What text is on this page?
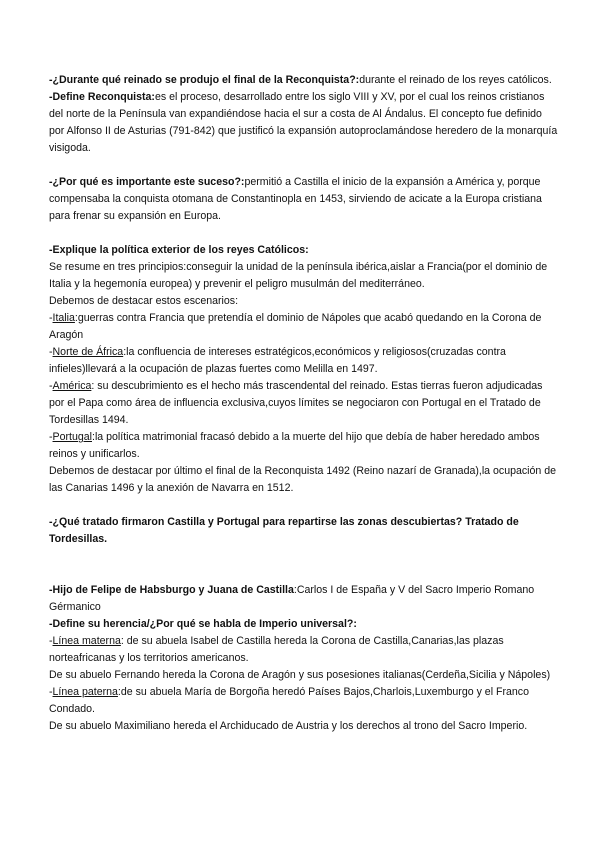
-¿Durante qué reinado se produjo el final de la Reconquista?:durante el reinado de los reyes católicos.

-Define Reconquista:es el proceso, desarrollado entre los siglo VIII y XV, por el cual los reinos cristianos del norte de la Península van expandiéndose hacia el sur a costa de Al Ándalus. El concepto fue definido por Alfonso II de Asturias (791-842) que justificó la expansión autoproclamándose heredero de la monarquía visigoda.

-¿Por qué es importante este suceso?:permitió a Castilla el inicio de la expansión a América y, porque compensaba la conquista otomana de Constantinopla en 1453, sirviendo de acicate a la Europa cristiana para frenar su expansión en Europa.

-Explique la política exterior de los reyes Católicos:

Se resume en tres principios:conseguir la unidad de la península ibérica,aislar a Francia(por el dominio de Italia y la hegemonía europea) y prevenir el peligro musulmán del mediterráneo.

Debemos de destacar estos escenarios:

-Italia:guerras contra Francia que pretendía el dominio de Nápoles que acabó quedando en la Corona de Aragón

-Norte de África:la confluencia de intereses estratégicos,económicos y religiosos(cruzadas contra infieles)llevará a la ocupación de plazas fuertes como Melilla en 1497.

-América: su descubrimiento es el hecho más trascendental del reinado. Estas tierras fueron adjudicadas por el Papa como área de influencia exclusiva,cuyos límites se negociaron con Portugal en el Tratado de Tordesillas 1494.

-Portugal:la política matrimonial fracasó debido a la muerte del hijo que debía de haber heredado ambos reinos y unificarlos.

Debemos de destacar por último el final de la Reconquista 1492 (Reino nazarí de Granada),la ocupación de las Canarias 1496 y la anexión de Navarra en 1512.

-¿Qué tratado firmaron Castilla y Portugal para repartirse las zonas descubiertas? Tratado de Tordesillas.

-Hijo de Felipe de Habsburgo y Juana de Castilla:Carlos I de España y V del Sacro Imperio Romano Gérmanico

-Define su herencia/¿Por qué se habla de Imperio universal?:

-Línea materna: de su abuela Isabel de Castilla hereda la Corona de Castilla,Canarias,las plazas norteafricanas y los territorios americanos.

De su abuelo Fernando hereda la Corona de Aragón y sus posesiones italianas(Cerdeña,Sicilia y Nápoles)

-Línea paterna:de su abuela María de Borgoña heredó Países Bajos,Charlois,Luxemburgo y el Franco Condado.

De su abuelo Maximiliano hereda el Archiducado de Austria y los derechos al trono del Sacro Imperio.
